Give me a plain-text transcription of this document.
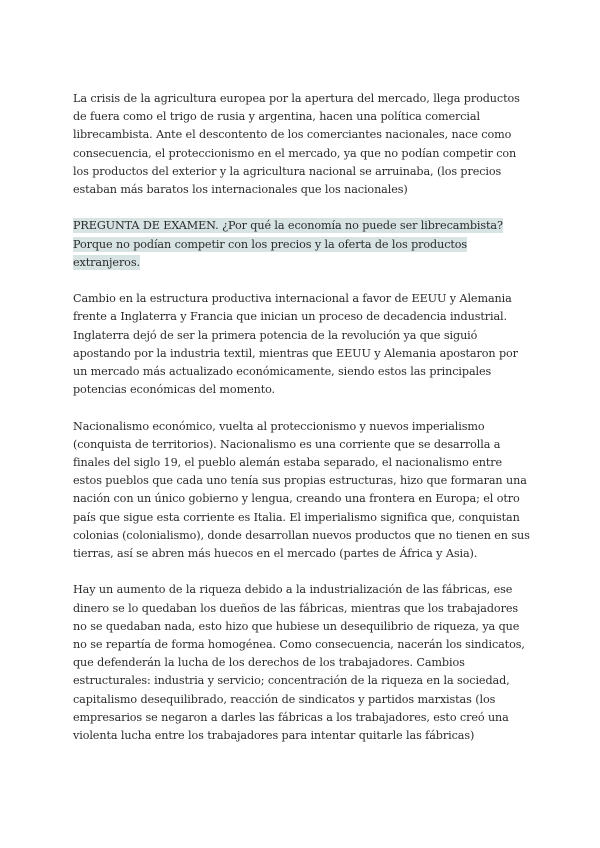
La crisis de la agricultura europea por la apertura del mercado, llega productos de fuera como el trigo de rusia y argentina, hacen una política comercial librecambista. Ante el descontento de los comerciantes nacionales, nace como consecuencia, el proteccionismo en el mercado, ya que no podían competir con los productos del exterior y la agricultura nacional se arruinaba, (los precios estaban más baratos los internacionales que los nacionales)

PREGUNTA DE EXAMEN. ¿Por qué la economía no puede ser librecambista? Porque no podían competir con los precios y la oferta de los productos extranjeros.

Cambio en la estructura productiva internacional a favor de EEUU y Alemania frente a Inglaterra y Francia que inician un proceso de decadencia industrial. Inglaterra dejó de ser la primera potencia de la revolución ya que siguió apostando por la industria textil, mientras que EEUU y Alemania apostaron por un mercado más actualizado económicamente, siendo estos las principales potencias económicas del momento.

Nacionalismo económico, vuelta al proteccionismo y nuevos imperialismo (conquista de territorios). Nacionalismo es una corriente que se desarrolla a finales del siglo 19, el pueblo alemán estaba separado, el nacionalismo entre estos pueblos que cada uno tenía sus propias estructuras, hizo que formaran una nación con un único gobierno y lengua, creando una frontera en Europa; el otro país que sigue esta corriente es Italia. El imperialismo significa que, conquistan colonias (colonialismo), donde desarrollan nuevos productos que no tienen en sus tierras, así se abren más huecos en el mercado (partes de África y Asia).

Hay un aumento de la riqueza debido a la industrialización de las fábricas, ese dinero se lo quedaban los dueños de las fábricas, mientras que los trabajadores no se quedaban nada, esto hizo que hubiese un desequilibrio de riqueza, ya que no se repartía de forma homogénea. Como consecuencia, nacerán los sindicatos, que defenderán la lucha de los derechos de los trabajadores. Cambios estructurales: industria y servicio; concentración de la riqueza en la sociedad, capitalismo desequilibrado, reacción de sindicatos y partidos marxistas (los empresarios se negaron a darles las fábricas a los trabajadores, esto creó una violenta lucha entre los trabajadores para intentar quitarle las fábricas)
